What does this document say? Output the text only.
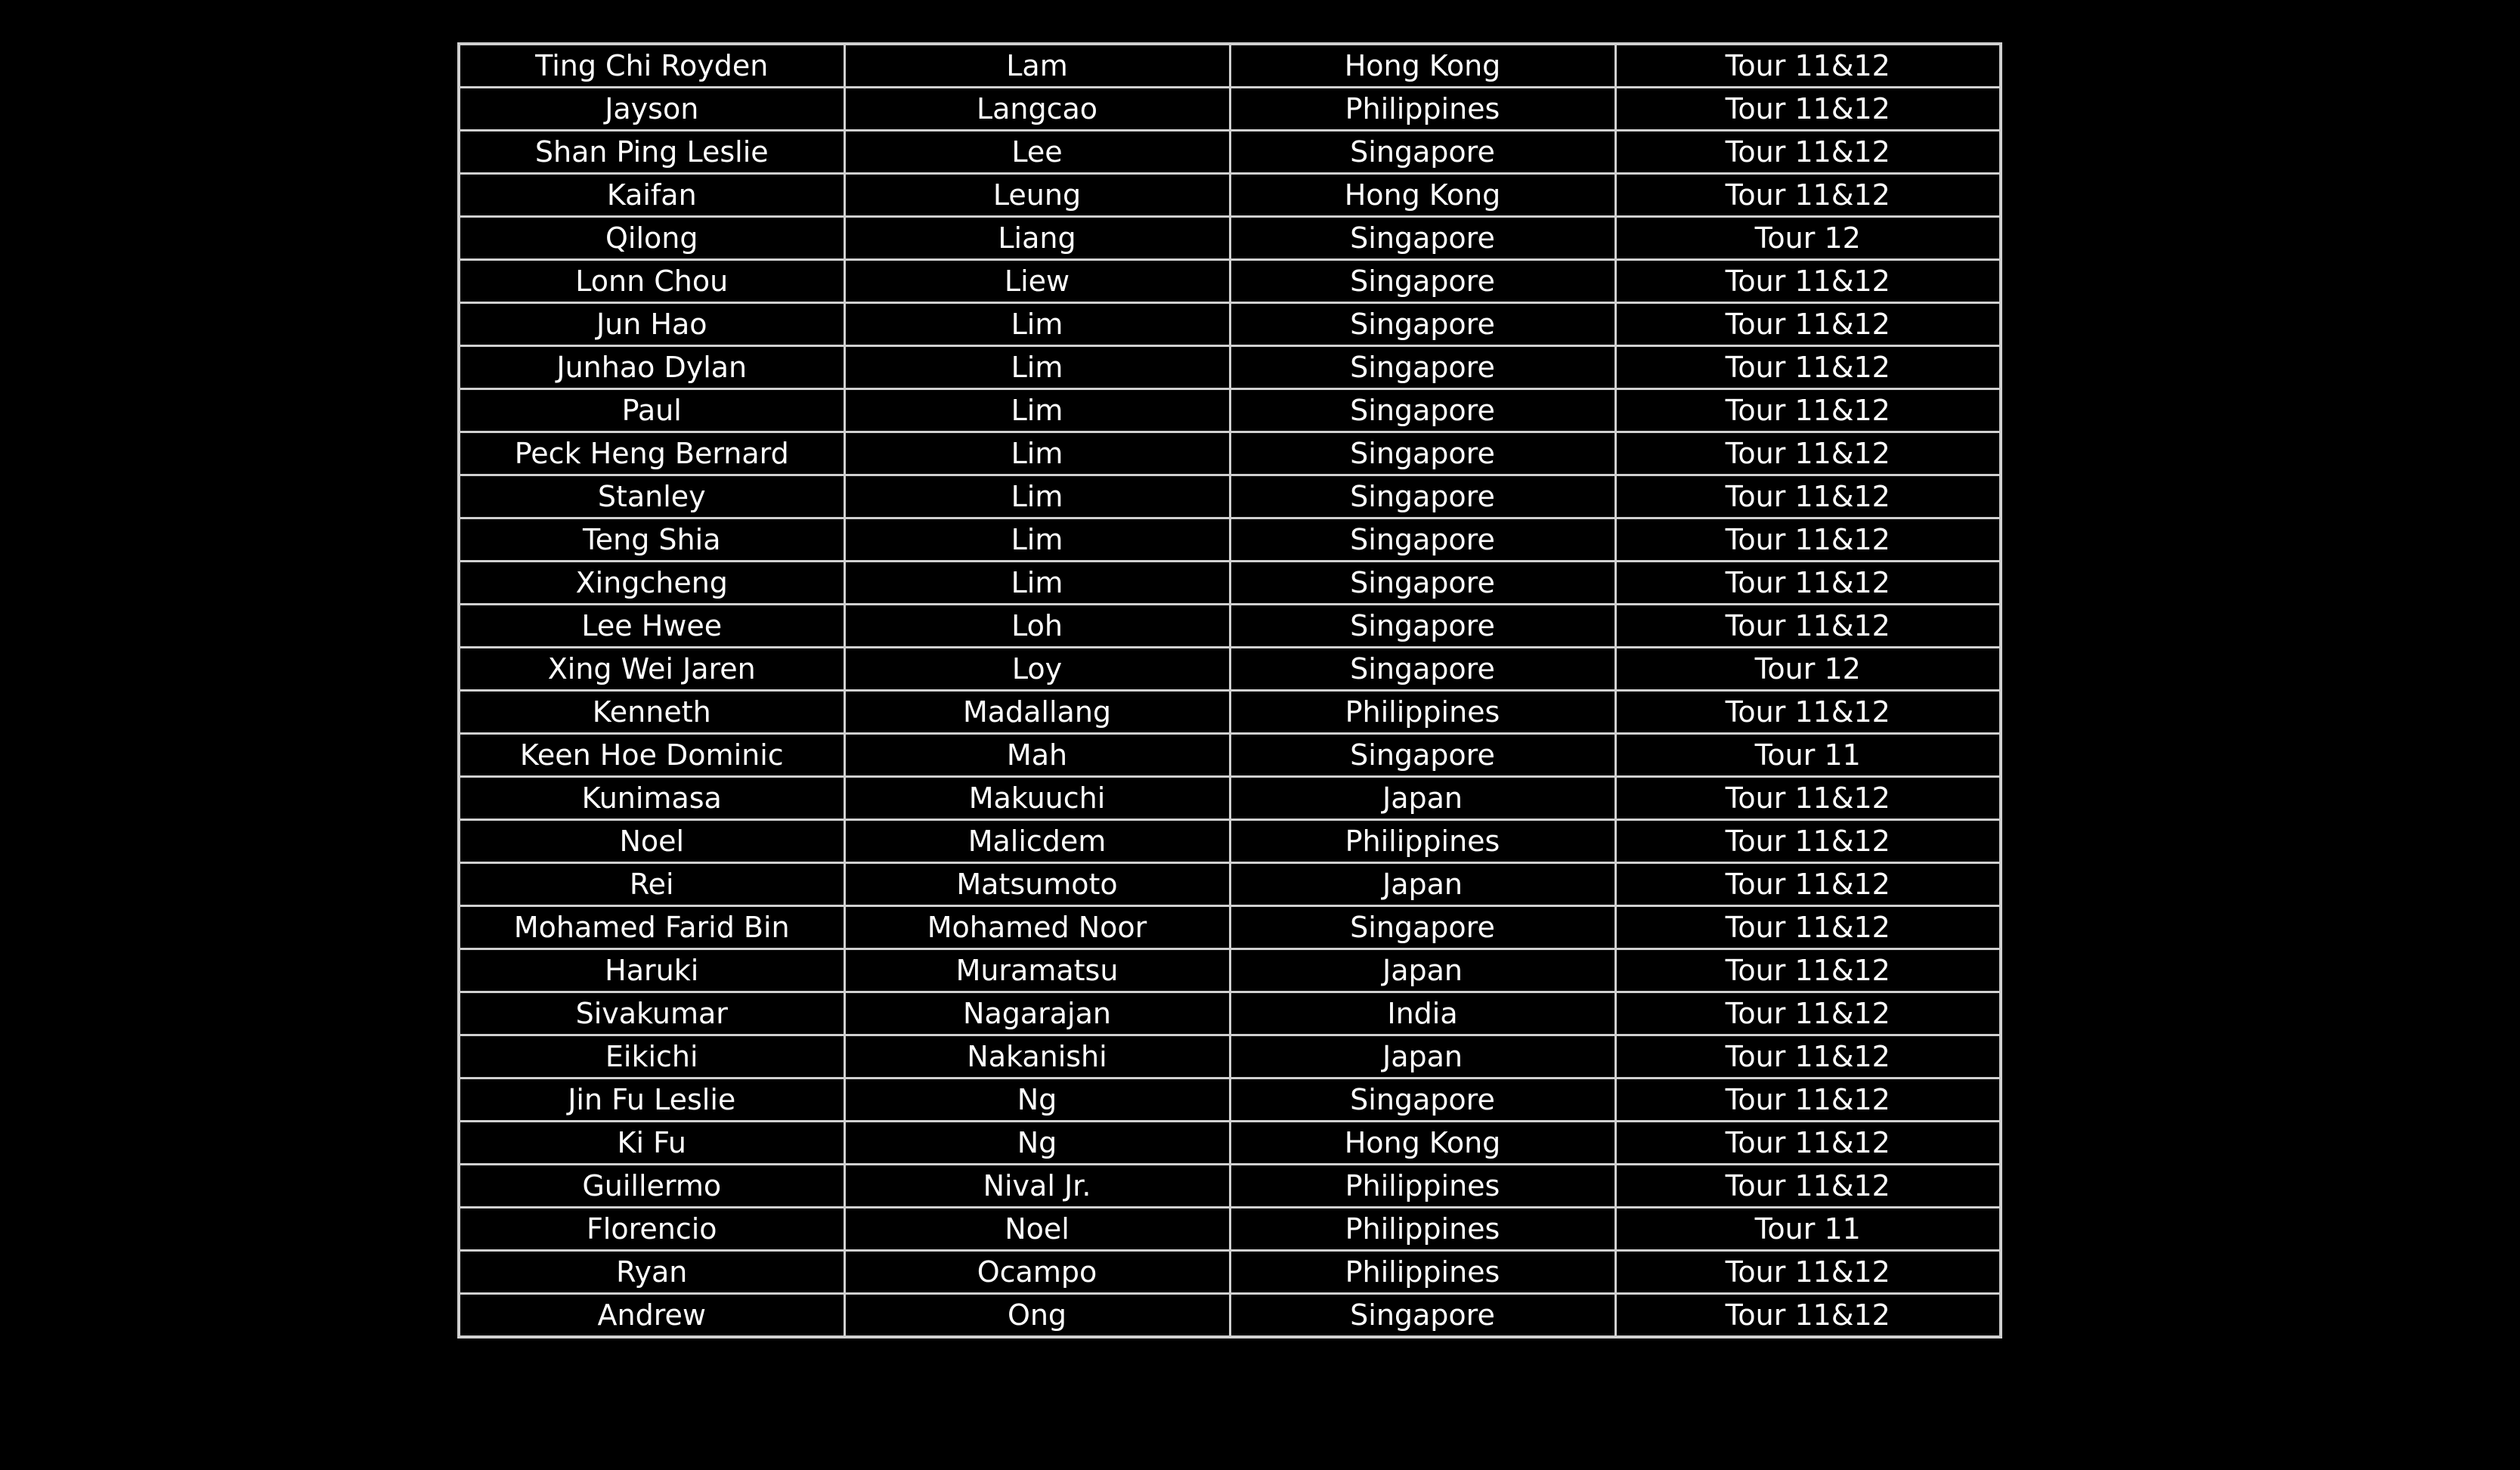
Ting Chi Royden	Lam	Hong Kong	Tour 11&12
Jayson	Langcao	Philippines	Tour 11&12
Shan Ping Leslie	Lee	Singapore	Tour 11&12
Kaifan	Leung	Hong Kong	Tour 11&12
Qilong	Liang	Singapore	Tour 12
Lonn Chou	Liew	Singapore	Tour 11&12
Jun Hao	Lim	Singapore	Tour 11&12
Junhao Dylan	Lim	Singapore	Tour 11&12
Paul	Lim	Singapore	Tour 11&12
Peck Heng Bernard	Lim	Singapore	Tour 11&12
Stanley	Lim	Singapore	Tour 11&12
Teng Shia	Lim	Singapore	Tour 11&12
Xingcheng	Lim	Singapore	Tour 11&12
Lee Hwee	Loh	Singapore	Tour 11&12
Xing Wei Jaren	Loy	Singapore	Tour 12
Kenneth	Madallang	Philippines	Tour 11&12
Keen Hoe Dominic	Mah	Singapore	Tour 11
Kunimasa	Makuuchi	Japan	Tour 11&12
Noel	Malicdem	Philippines	Tour 11&12
Rei	Matsumoto	Japan	Tour 11&12
Mohamed Farid Bin	Mohamed Noor	Singapore	Tour 11&12
Haruki	Muramatsu	Japan	Tour 11&12
Sivakumar	Nagarajan	India	Tour 11&12
Eikichi	Nakanishi	Japan	Tour 11&12
Jin Fu Leslie	Ng	Singapore	Tour 11&12
Ki Fu	Ng	Hong Kong	Tour 11&12
Guillermo	Nival Jr.	Philippines	Tour 11&12
Florencio	Noel	Philippines	Tour 11
Ryan	Ocampo	Philippines	Tour 11&12
Andrew	Ong	Singapore	Tour 11&12
